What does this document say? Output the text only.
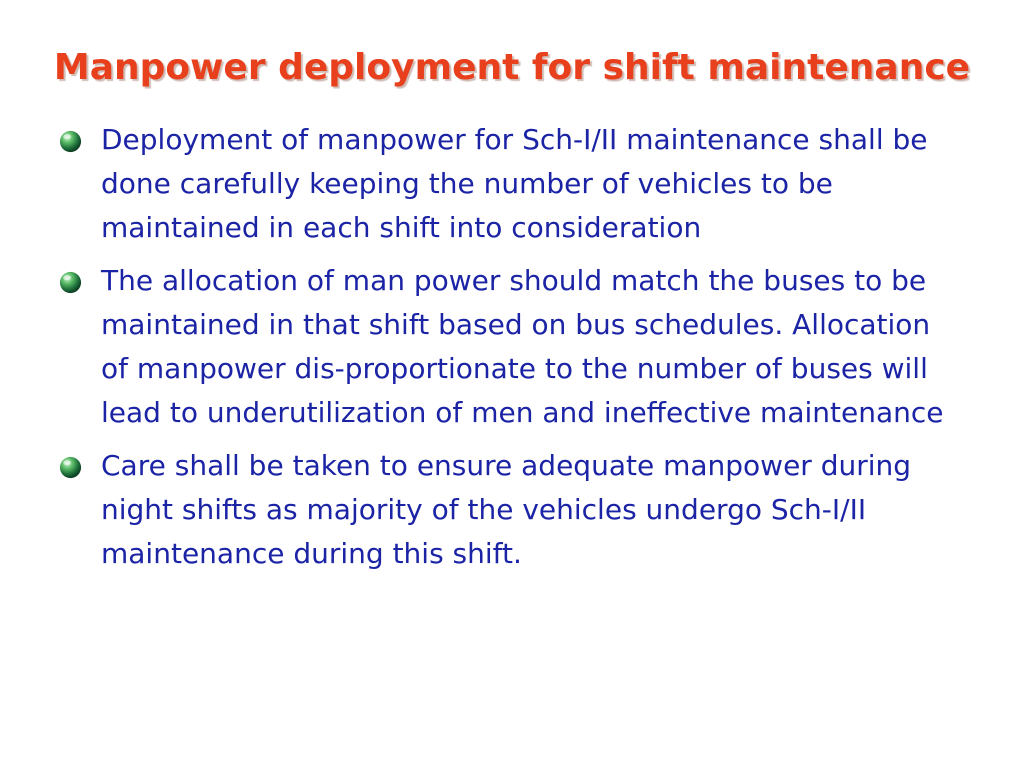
Manpower deployment for shift maintenance
Deployment of manpower for Sch-I/II maintenance shall be done carefully keeping the number of vehicles to be maintained in each shift into consideration
The allocation of man power should match the buses to be maintained in that shift based on bus schedules. Allocation of manpower dis-proportionate to the number of buses will lead to underutilization of men and ineffective maintenance
Care shall be taken to ensure adequate manpower during night shifts as majority of the vehicles undergo Sch-I/II maintenance during this shift.
